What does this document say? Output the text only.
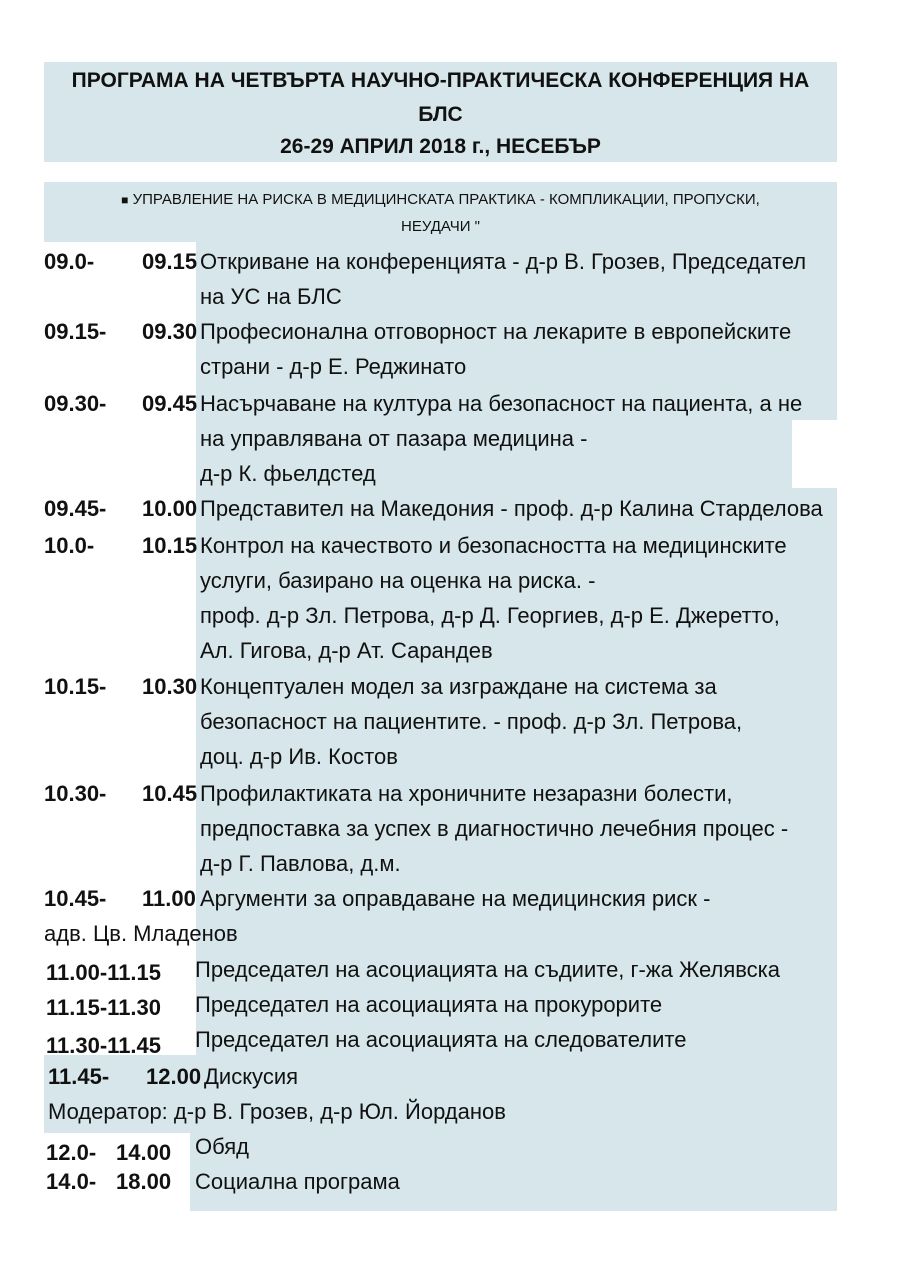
ПРОГРАМА НА ЧЕТВЪРТА НАУЧНО-ПРАКТИЧЕСКА КОНФЕРЕНЦИЯ НА
БЛС
26-29 АПРИЛ 2018 г., НЕСЕБЪР
■ УПРАВЛЕНИЕ НА РИСКА В МЕДИЦИНСКАТА ПРАКТИКА - КОМПЛИКАЦИИ, ПРОПУСКИ,
НЕУДАЧИ "
09.0- 09.15 Откриване на конференцията - д-р В. Грозев, Председател
на УС на БЛС
09.15- 09.30 Професионална отговорност на лекарите в европейските
страни - д-р Е. Реджинато
09.30- 09.45 Насърчаване на култура на безопасност на пациента, а не
на управлявана от пазара медицина -
д-р К. фьелдстед
09.45- 10.00 Представител на Македония - проф. д-р Калина Старделова
10.0- 10.15 Контрол на качеството и безопасността на медицинските
услуги, базирано на оценка на риска. -
проф. д-р Зл. Петрова, д-р Д. Георгиев, д-р Е. Джеретто,
Ал. Гигова, д-р Ат. Сарандев
10.15- 10.30 Концептуален модел за изграждане на система за
безопасност на пациентите. - проф. д-р Зл. Петрова,
доц. д-р Ив. Костов
10.30- 10.45 Профилактиката на хроничните незаразни болести,
предпоставка за успех в диагностично лечебния процес -
д-р Г. Павлова, д.м.
10.45- 11.00 Аргументи за оправдаване на медицинския риск -
адв. Цв. Младенов
11.00-11.15 Председател на асоциацията на съдиите, г-жа Желявска
11.15-11.30 Председател на асоциацията на прокурорите
11.30-11.45 Председател на асоциацията на следователите
11.45- 12.00 Дискусия
Модератор: д-р В. Грозев, д-р Юл. Йорданов
12.0- 14.00 Обяд
14.0- 18.00 Социална програма
